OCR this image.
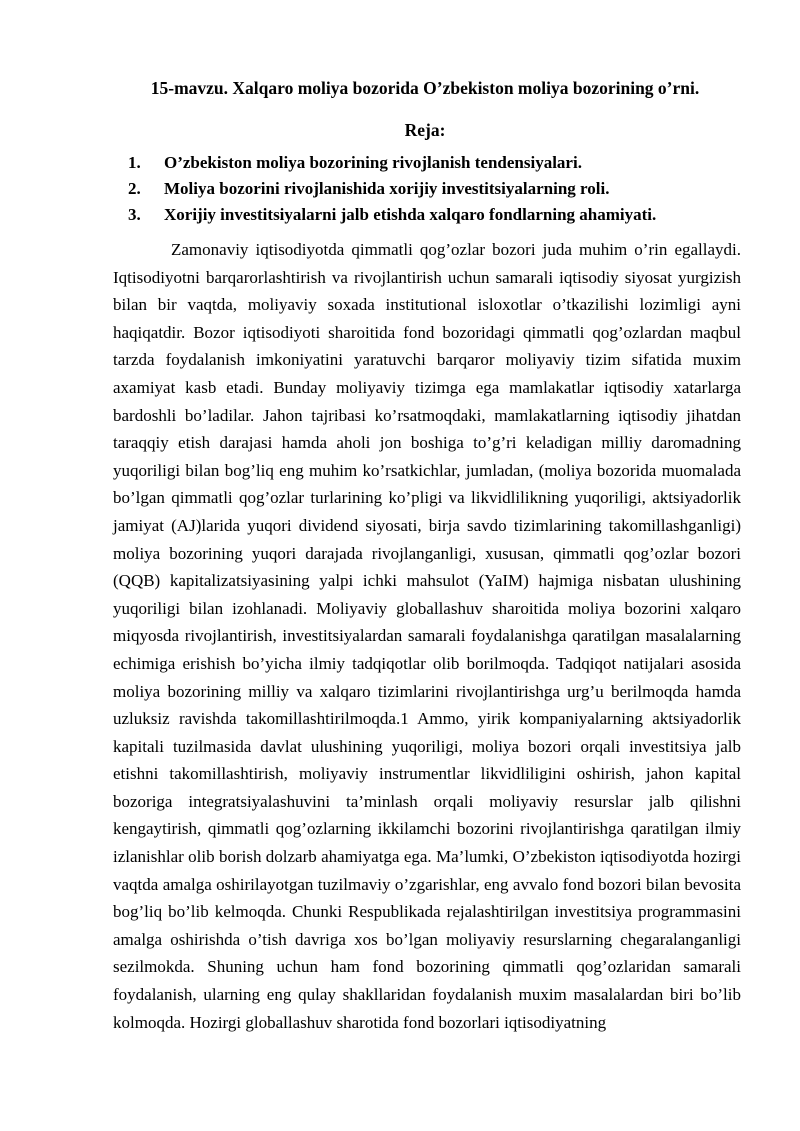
15-mavzu. Xalqaro moliya bozorida O’zbekiston moliya bozorining o’rni.
Reja:
1. O’zbekiston moliya bozorining rivojlanish tendensiyalari.
2. Moliya bozorini rivojlanishida xorijiy investitsiyalarning roli.
3. Xorijiy investitsiyalarni jalb etishda xalqaro fondlarning ahamiyati.

Zamonaviy iqtisodiyotda qimmatli qog’ozlar bozori juda muhim o’rin egallaydi. Iqtisodiyotni barqarorlashtirish va rivojlantirish uchun samarali iqtisodiy siyosat yurgizish bilan bir vaqtda, moliyaviy soxada institutional isloxotlar o’tkazilishi lozimligi ayni haqiqatdir. Bozor iqtisodiyoti sharoitida fond bozoridagi qimmatli qog’ozlardan maqbul tarzda foydalanish imkoniyatini yaratuvchi barqaror moliyaviy tizim sifatida muxim axamiyat kasb etadi. Bunday moliyaviy tizimga ega mamlakatlar iqtisodiy xatarlarga bardoshli bo’ladilar. Jahon tajribasi ko’rsatmoqdaki, mamlakatlarning iqtisodiy jihatdan taraqqiy etish darajasi hamda aholi jon boshiga to’g’ri keladigan milliy daromadning yuqoriligi bilan bog’liq eng muhim ko’rsatkichlar, jumladan, (moliya bozorida muomalada bo’lgan qimmatli qog’ozlar turlarining ko’pligi va likvidlilikning yuqoriligi, aktsiyadorlik jamiyat (AJ)larida yuqori dividend siyosati, birja savdo tizimlarining takomillashganligi) moliya bozorining yuqori darajada rivojlanganligi, xususan, qimmatli qog’ozlar bozori (QQB) kapitalizatsiyasining yalpi ichki mahsulot (YaIM) hajmiga nisbatan ulushining yuqoriligi bilan izohlanadi. Moliyaviy globallashuv sharoitida moliya bozorini xalqaro miqyosda rivojlantirish, investitsiyalardan samarali foydalanishga qaratilgan masalalarning echimiga erishish bo’yicha ilmiy tadqiqotlar olib borilmoqda. Tadqiqot natijalari asosida moliya bozorining milliy va xalqaro tizimlarini rivojlantirishga urg’u berilmoqda hamda uzluksiz ravishda takomillashtirilmoqda.1 Ammo, yirik kompaniyalarning aktsiyadorlik kapitali tuzilmasida davlat ulushining yuqoriligi, moliya bozori orqali investitsiya jalb etishni takomillashtirish, moliyaviy instrumentlar likvidliligini oshirish, jahon kapital bozoriga integratsiyalashuvini ta’minlash orqali moliyaviy resurslar jalb qilishni kengaytirish, qimmatli qog’ozlarning ikkilamchi bozorini rivojlantirishga qaratilgan ilmiy izlanishlar olib borish dolzarb ahamiyatga ega. Ma’lumki, O’zbekiston iqtisodiyotda hozirgi vaqtda amalga oshirilayotgan tuzilmaviy o’zgarishlar, eng avvalo fond bozori bilan bevosita bog’liq bo’lib kelmoqda. Chunki Respublikada rejalashtirilgan investitsiya programmasini amalga oshirishda o’tish davriga xos bo’lgan moliyaviy resurslarning chegaralanganligi sezilmokda. Shuning uchun ham fond bozorining qimmatli qog’ozlaridan samarali foydalanish, ularning eng qulay shakllaridan foydalanish muxim masalalardan biri bo’lib kolmoqda. Hozirgi globallashuv sharotida fond bozorlari iqtisodiyatning
